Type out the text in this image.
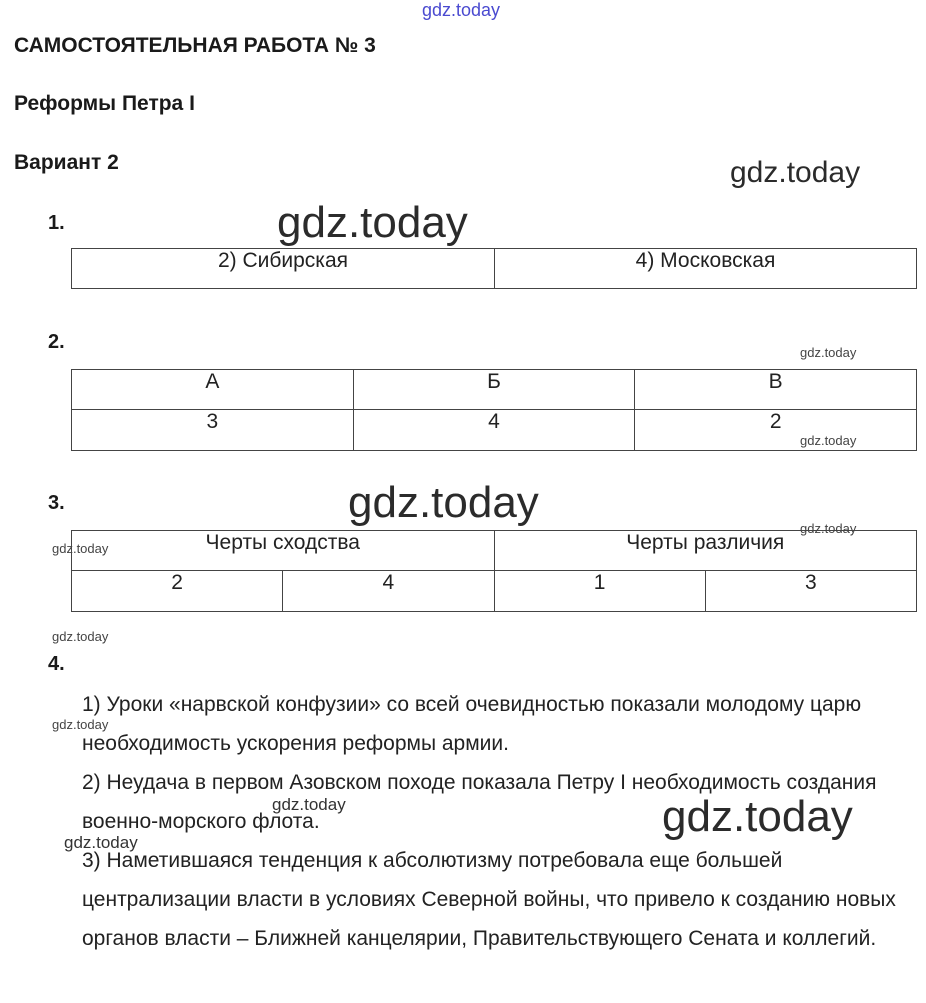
САМОСТОЯТЕЛЬНАЯ РАБОТА № 3
Реформы Петра I
Вариант 2
1.
2) Сибирская	4) Московская
2.
А	Б	В
3	4	2
3.
Черты сходства		Черты различия	
2	4	1	3
4.

1) Уроки «нарвской конфузии» со всей очевидностью показали молодому царю необходимость ускорения реформы армии.

2) Неудача в первом Азовском походе показала Петру I необходимость создания военно-морского флота.

3) Наметившаяся тенденция к абсолютизму потребовала еще большей централизации власти в условиях Северной войны, что привело к созданию новых органов власти – Ближней канцелярии, Правительствующего Сената и коллегий.

gdz.today
gdz.today
gdz.today
gdz.today
gdz.today
gdz.today
gdz.today
gdz.today
gdz.today
gdz.today
gdz.today	gdz.today
gdz.today
